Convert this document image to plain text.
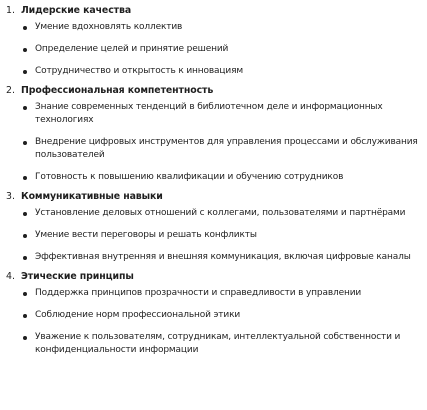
1. Лидерские качества
Умение вдохновлять коллектив
Определение целей и принятие решений
Сотрудничество и открытость к инновациям
2. Профессиональная компетентность
Знание современных тенденций в библиотечном деле и информационных технологиях
Внедрение цифровых инструментов для управления процессами и обслуживания пользователей
Готовность к повышению квалификации и обучению сотрудников
3. Коммуникативные навыки
Установление деловых отношений с коллегами, пользователями и партнёрами
Умение вести переговоры и решать конфликты
Эффективная внутренняя и внешняя коммуникация, включая цифровые каналы
4. Этические принципы
Поддержка принципов прозрачности и справедливости в управлении
Соблюдение норм профессиональной этики
Уважение к пользователям, сотрудникам, интеллектуальной собственности и конфиденциальности информации
